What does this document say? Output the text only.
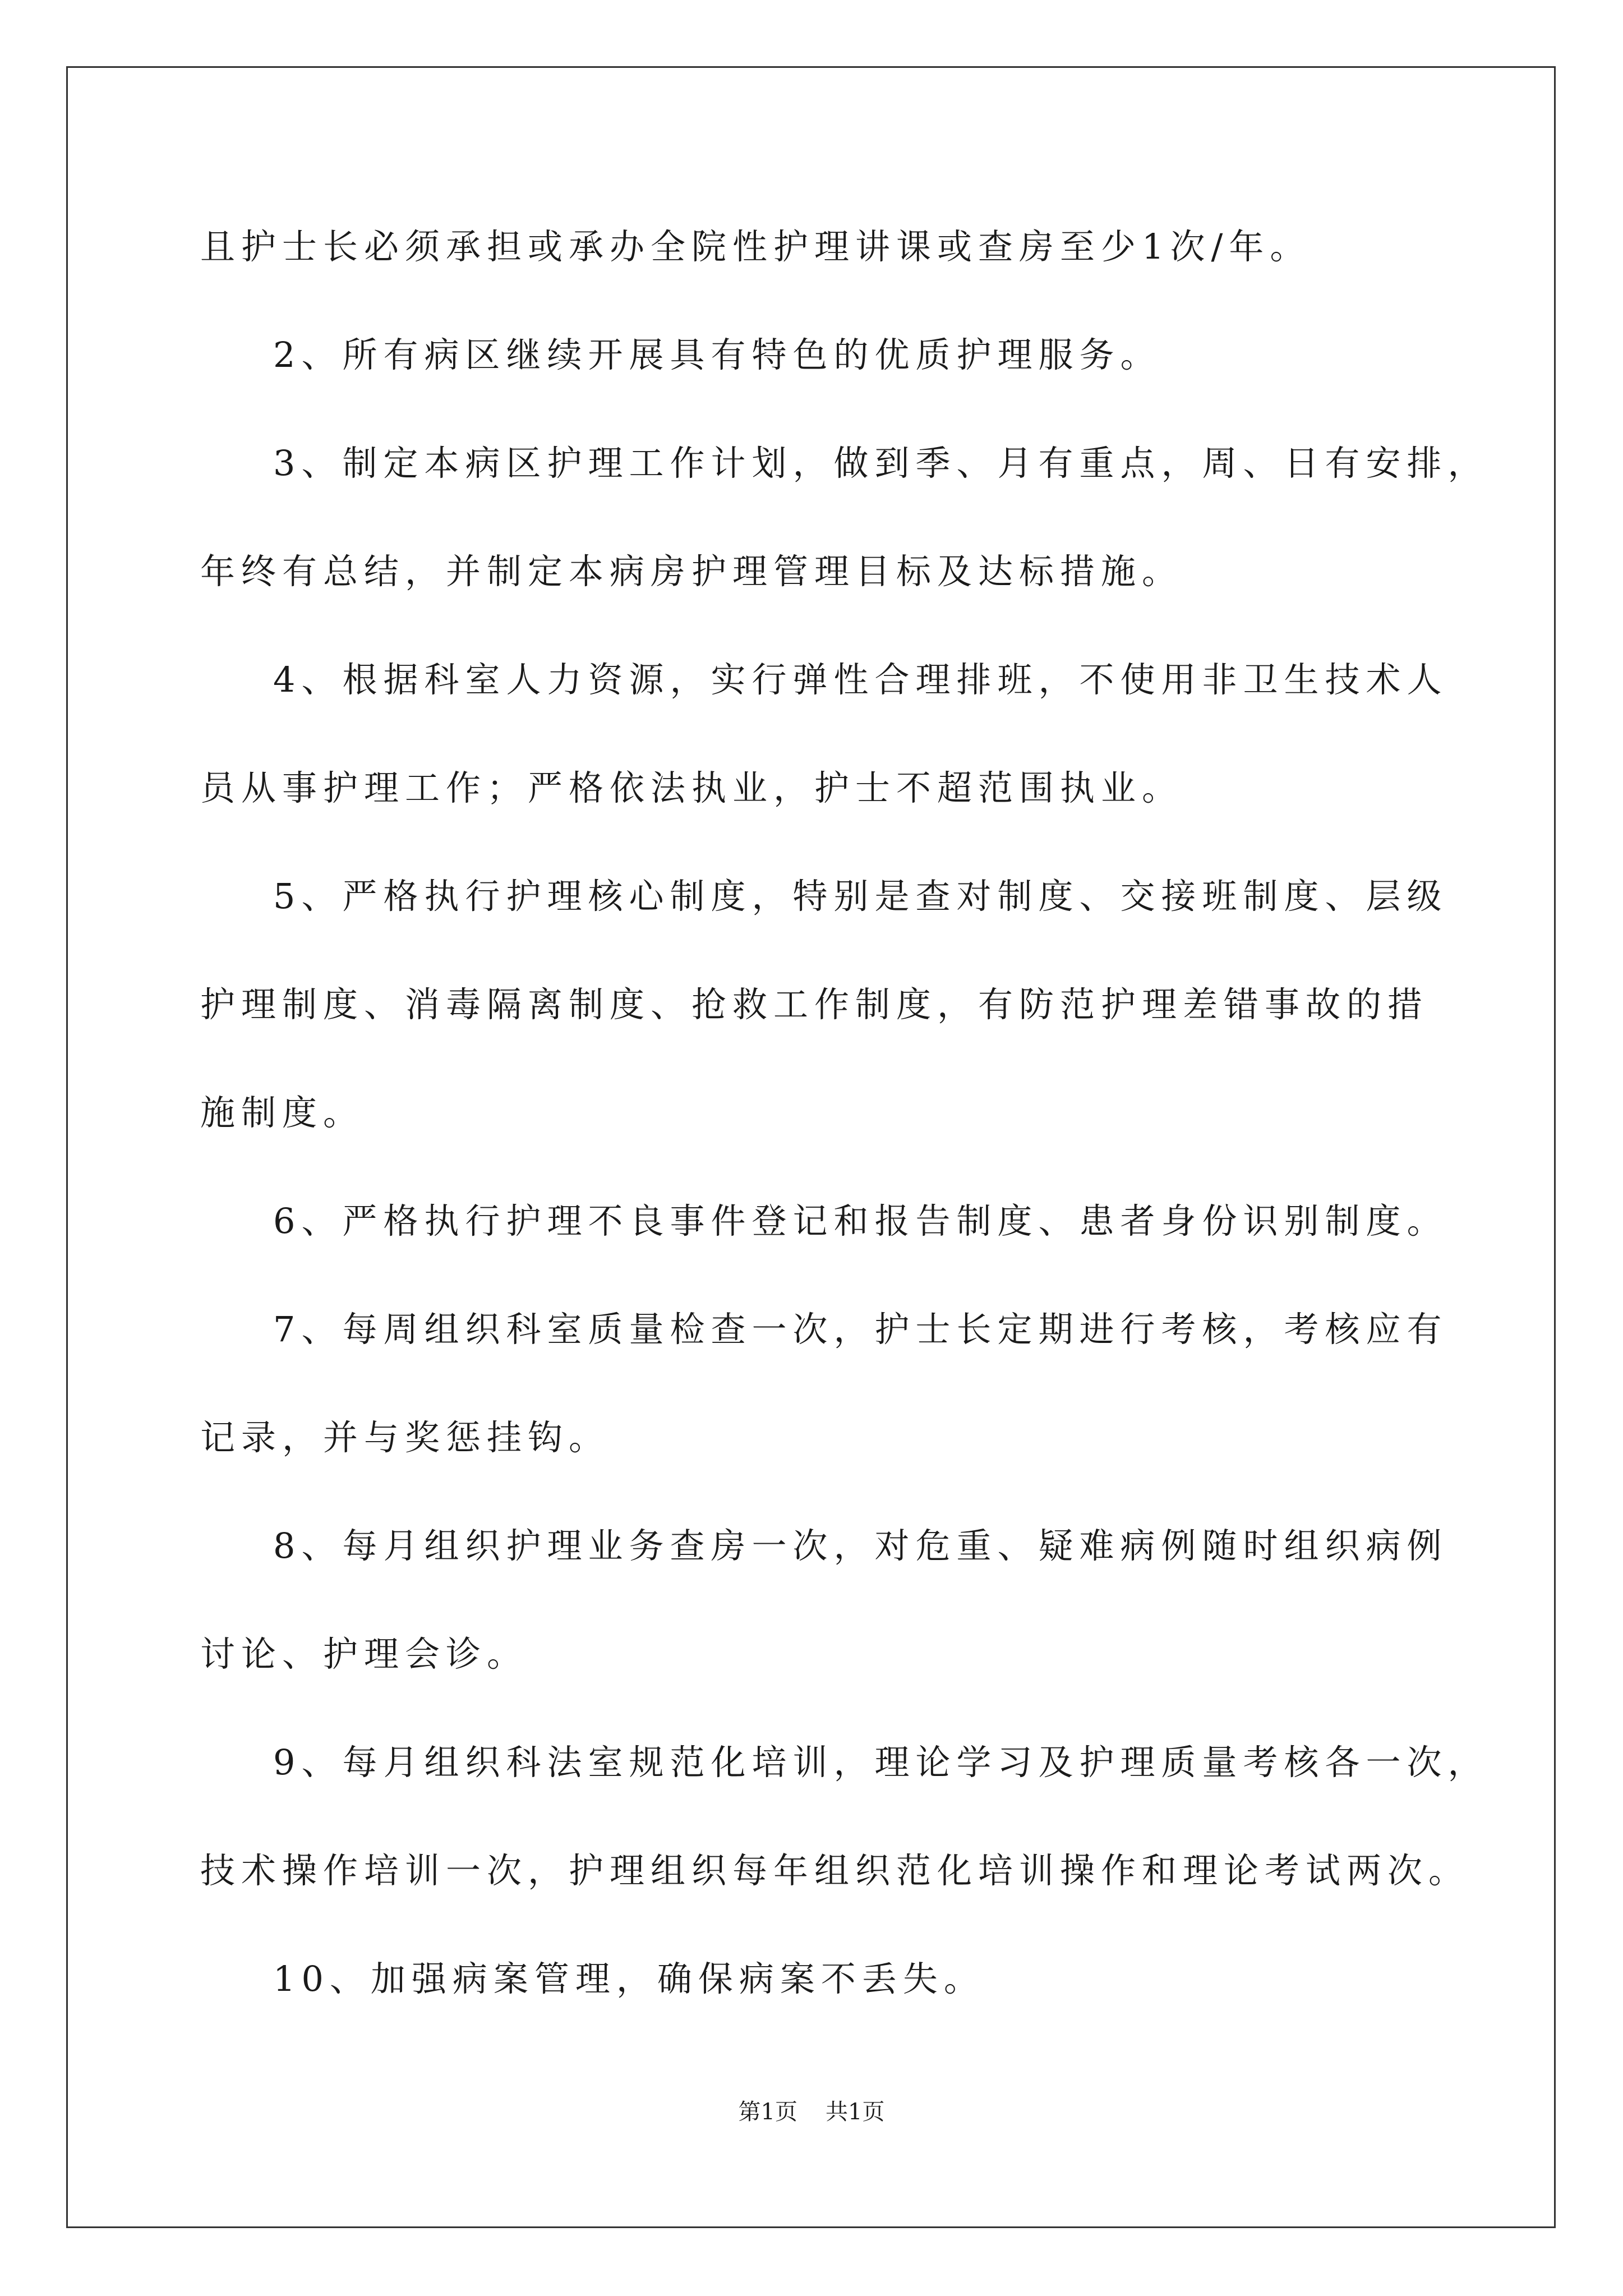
且护士长必须承担或承办全院性护理讲课或查房至少1次/年。
2、所有病区继续开展具有特色的优质护理服务。
3、制定本病区护理工作计划，做到季、月有重点，周、日有安排，
年终有总结，并制定本病房护理管理目标及达标措施。
4、根据科室人力资源，实行弹性合理排班，不使用非卫生技术人
员从事护理工作；严格依法执业，护士不超范围执业。
5、严格执行护理核心制度，特别是查对制度、交接班制度、层级
护理制度、消毒隔离制度、抢救工作制度，有防范护理差错事故的措
施制度。
6、严格执行护理不良事件登记和报告制度、患者身份识别制度。
7、每周组织科室质量检查一次，护士长定期进行考核，考核应有
记录，并与奖惩挂钩。
8、每月组织护理业务查房一次，对危重、疑难病例随时组织病例
讨论、护理会诊。
9、每月组织科法室规范化培训，理论学习及护理质量考核各一次，
技术操作培训一次，护理组织每年组织范化培训操作和理论考试两次。
10、加强病案管理，确保病案不丢失。
第1页 共1页
